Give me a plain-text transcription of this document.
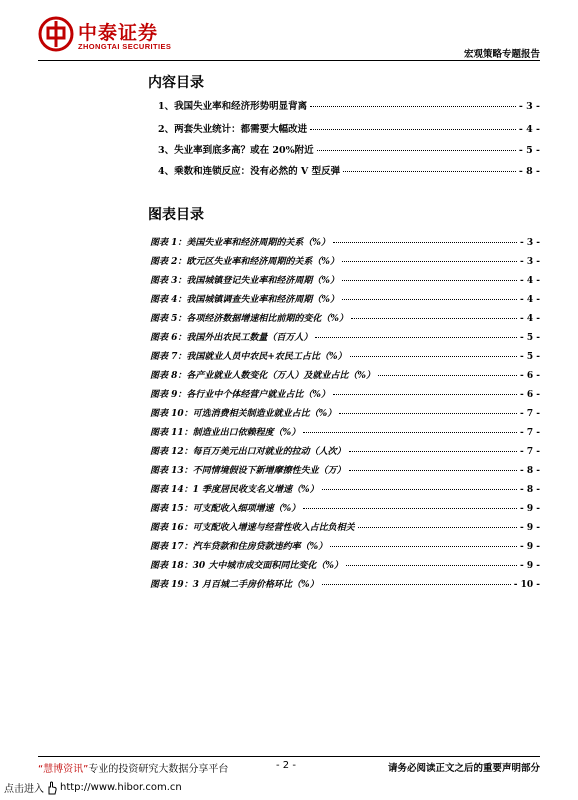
中泰证券
ZHONGTAI SECURITIES
宏观策略专题报告
内容目录
1、我国失业率和经济形势明显背离	- 3 -
2、两套失业统计：都需要大幅改进	- 4 -
3、失业率到底多高？或在 20%附近	- 5 -
4、乘数和连锁反应：没有必然的 V 型反弹	- 8 -
图表目录
图表 1：美国失业率和经济周期的关系（%）	- 3 -
图表 2：欧元区失业率和经济周期的关系（%）	- 3 -
图表 3：我国城镇登记失业率和经济周期（%）	- 4 -
图表 4：我国城镇调查失业率和经济周期（%）	- 4 -
图表 5：各项经济数据增速相比前期的变化（%）	- 4 -
图表 6：我国外出农民工数量（百万人）	- 5 -
图表 7：我国就业人员中农民+农民工占比（%）	- 5 -
图表 8：各产业就业人数变化（万人）及就业占比（%）	- 6 -
图表 9：各行业中个体经营户就业占比（%）	- 6 -
图表 10：可选消费相关制造业就业占比（%）	- 7 -
图表 11：制造业出口依赖程度（%）	- 7 -
图表 12：每百万美元出口对就业的拉动（人次）	- 7 -
图表 13：不同情境假设下新增摩擦性失业（万）	- 8 -
图表 14：1 季度居民收支名义增速（%）	- 8 -
图表 15：可支配收入细项增速（%）	- 9 -
图表 16：可支配收入增速与经营性收入占比负相关	- 9 -
图表 17：汽车贷款和住房贷款违约率（%）	- 9 -
图表 18：30 大中城市成交面积同比变化（%）	- 9 -
图表 19：3 月百城二手房价格环比（%）	- 10 -
“慧博资讯”专业的投资研究大数据分享平台	- 2 -	请务必阅读正文之后的重要声明部分
点击进入 http://www.hibor.com.cn
